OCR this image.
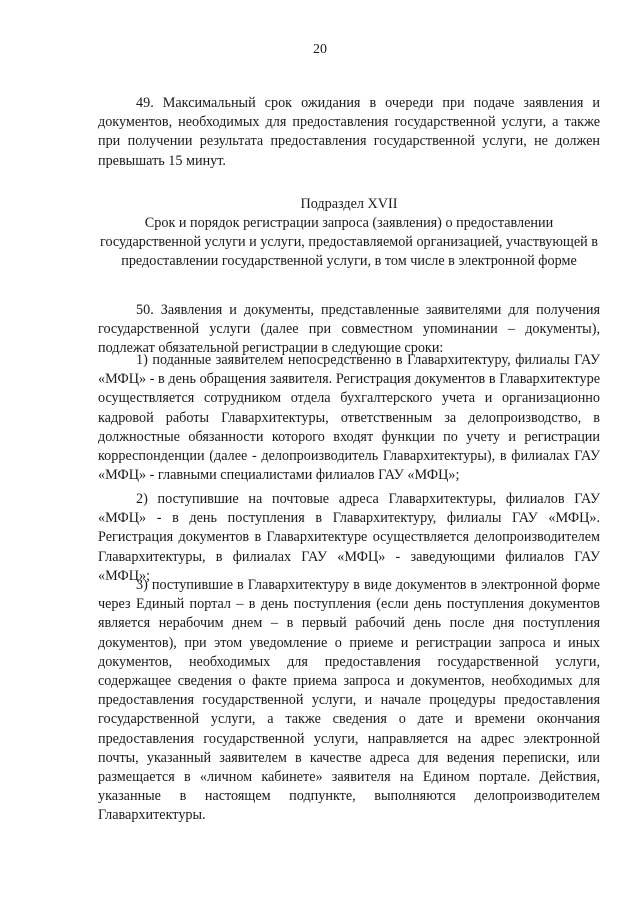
20

49. Максимальный срок ожидания в очереди при подаче заявления и документов, необходимых для предоставления государственной услуги, а также при получении результата предоставления государственной услуги, не должен превышать 15 минут.

Подраздел XVII

Срок и порядок регистрации запроса (заявления) о предоставлении государственной услуги и услуги, предоставляемой организацией, участвующей в предоставлении государственной услуги, в том числе в электронной форме

50. Заявления и документы, представленные заявителями для получения государственной услуги (далее при совместном упоминании – документы), подлежат обязательной регистрации в следующие сроки:

1) поданные заявителем непосредственно в Главархитектуру, филиалы ГАУ «МФЦ» - в день обращения заявителя. Регистрация документов в Главархитектуре осуществляется сотрудником отдела бухгалтерского учета и организационно кадровой работы Главархитектуры, ответственным за делопроизводство, в должностные обязанности которого входят функции по учету и регистрации корреспонденции (далее - делопроизводитель Главархитектуры), в филиалах ГАУ «МФЦ» - главными специалистами филиалов ГАУ «МФЦ»;

2) поступившие на почтовые адреса Главархитектуры, филиалов ГАУ «МФЦ» - в день поступления в Главархитектуру, филиалы ГАУ «МФЦ». Регистрация документов в Главархитектуре осуществляется делопроизводителем Главархитектуры, в филиалах ГАУ «МФЦ» - заведующими филиалов ГАУ «МФЦ»;

3) поступившие в Главархитектуру в виде документов в электронной форме через Единый портал – в день поступления (если день поступления документов является нерабочим днем – в первый рабочий день после дня поступления документов), при этом уведомление о приеме и регистрации запроса и иных документов, необходимых для предоставления государственной услуги, содержащее сведения о факте приема запроса и документов, необходимых для предоставления государственной услуги, и начале процедуры предоставления государственной услуги, а также сведения о дате и времени окончания предоставления государственной услуги, направляется на адрес электронной почты, указанный заявителем в качестве адреса для ведения переписки, или размещается в «личном кабинете» заявителя на Едином портале. Действия, указанные в настоящем подпункте, выполняются делопроизводителем Главархитектуры.
